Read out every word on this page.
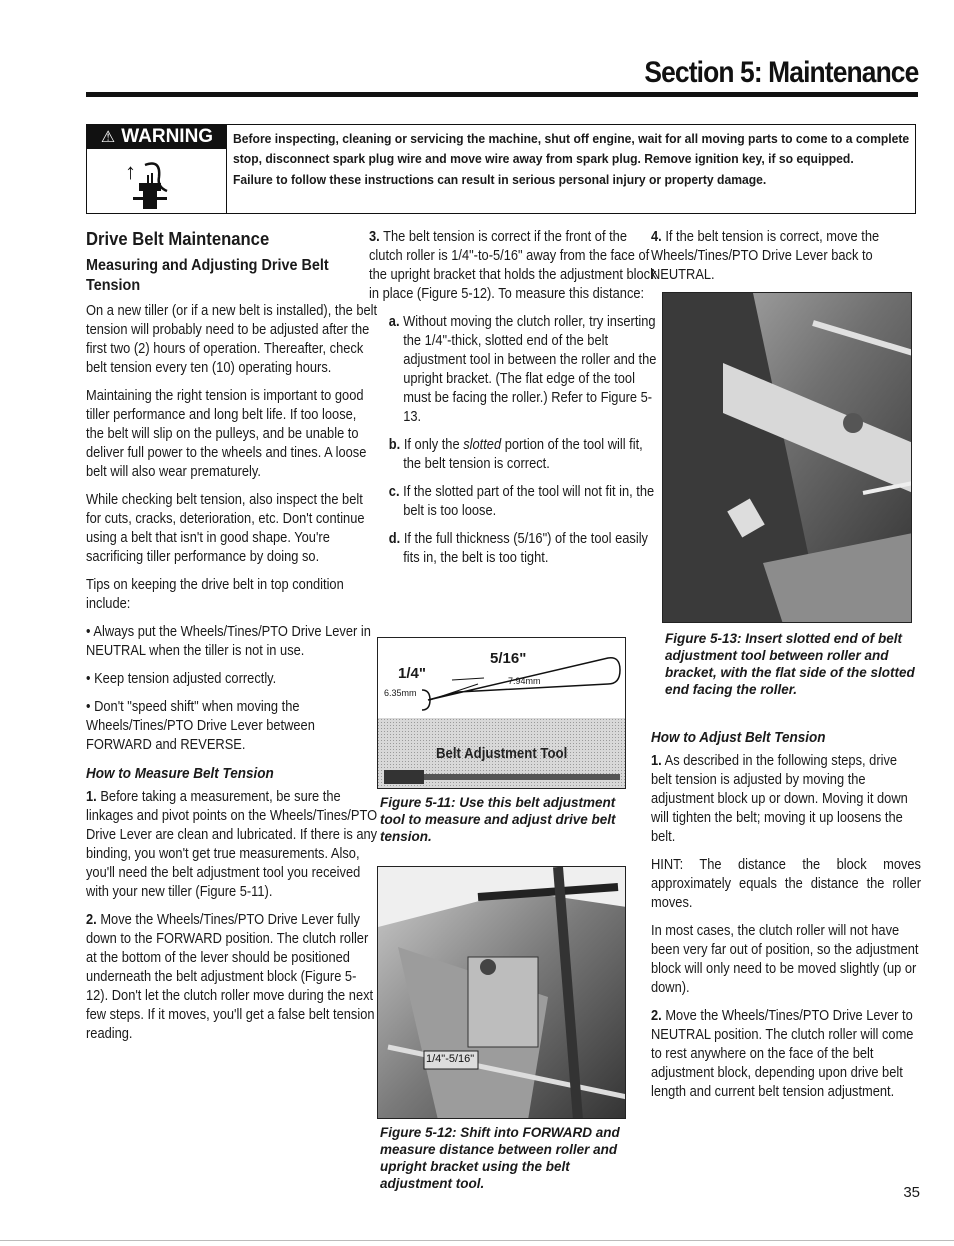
Section 5: Maintenance
⚠ WARNING
↑

Before inspecting, cleaning or servicing the machine, shut off engine, wait for all moving parts to come to a complete stop, disconnect spark plug wire and move wire away from spark plug. Remove ignition key, if so equipped.

Failure to follow these instructions can result in serious personal injury or property damage.

Drive Belt Maintenance
Measuring and Adjusting Drive Belt Tension

On a new tiller (or if a new belt is installed), the belt tension will probably need to be adjusted after the first two (2) hours of operation. Thereafter, check belt tension every ten (10) operating hours.

Maintaining the right tension is important to good tiller performance and long belt life. If too loose, the belt will slip on the pulleys, and be unable to deliver full power to the wheels and tines. A loose belt will also wear prematurely.

While checking belt tension, also inspect the belt for cuts, cracks, deterioration, etc. Don't continue using a belt that isn't in good shape. You're sacrificing tiller performance by doing so.

Tips on keeping the drive belt in top condition include:

• Always put the Wheels/Tines/PTO Drive Lever in NEUTRAL when the tiller is not in use.

• Keep tension adjusted correctly.

• Don't "speed shift" when moving the Wheels/Tines/PTO Drive Lever between FORWARD and REVERSE.

How to Measure Belt Tension

1. Before taking a measurement, be sure the linkages and pivot points on the Wheels/Tines/PTO Drive Lever are clean and lubricated. If there is any binding, you won't get true measurements. Also, you'll need the belt adjustment tool you received with your new tiller (Figure 5-11).

2. Move the Wheels/Tines/PTO Drive Lever fully down to the FORWARD position. The clutch roller at the bottom of the lever should be positioned underneath the belt adjustment block (Figure 5-12). Don't let the clutch roller move during the next few steps. If it moves, you'll get a false belt tension reading.

3. The belt tension is correct if the front of the clutch roller is 1/4"-to-5/16" away from the face of the upright bracket that holds the adjustment block in place (Figure 5-12). To measure this distance:

a. Without moving the clutch roller, try inserting the 1/4"-thick, slotted end of the belt adjustment tool in between the roller and the upright bracket. (The flat edge of the tool must be facing the roller.) Refer to Figure 5-13.

b. If only the slotted portion of the tool will fit, the belt tension is correct.

c. If the slotted part of the tool will not fit in, the belt is too loose.

d. If the full thickness (5/16") of the tool easily fits in, the belt is too tight.

5/16"
1/4"
6.35mm
7.94mm
Belt Adjustment Tool
Figure 5-11: Use this belt adjustment tool to measure and adjust drive belt tension.
1/4"-5/16"
Figure 5-12: Shift into FORWARD and measure distance between roller and upright bracket using the belt adjustment tool.

4. If the belt tension is correct, move the Wheels/Tines/PTO Drive Lever back to NEUTRAL.

Figure 5-13: Insert slotted end of belt adjustment tool between roller and bracket, with the flat side of the slotted end facing the roller.
How to Adjust Belt Tension

1. As described in the following steps, drive belt tension is adjusted by moving the adjustment block up or down. Moving it down will tighten the belt; moving it up loosens the belt.

HINT: The distance the block moves approximately equals the distance the roller moves.

In most cases, the clutch roller will not have been very far out of position, so the adjustment block will only need to be moved slightly (up or down).

2. Move the Wheels/Tines/PTO Drive Lever to NEUTRAL position. The clutch roller will come to rest anywhere on the face of the belt adjustment block, depending upon drive belt length and current belt tension adjustment.

35
